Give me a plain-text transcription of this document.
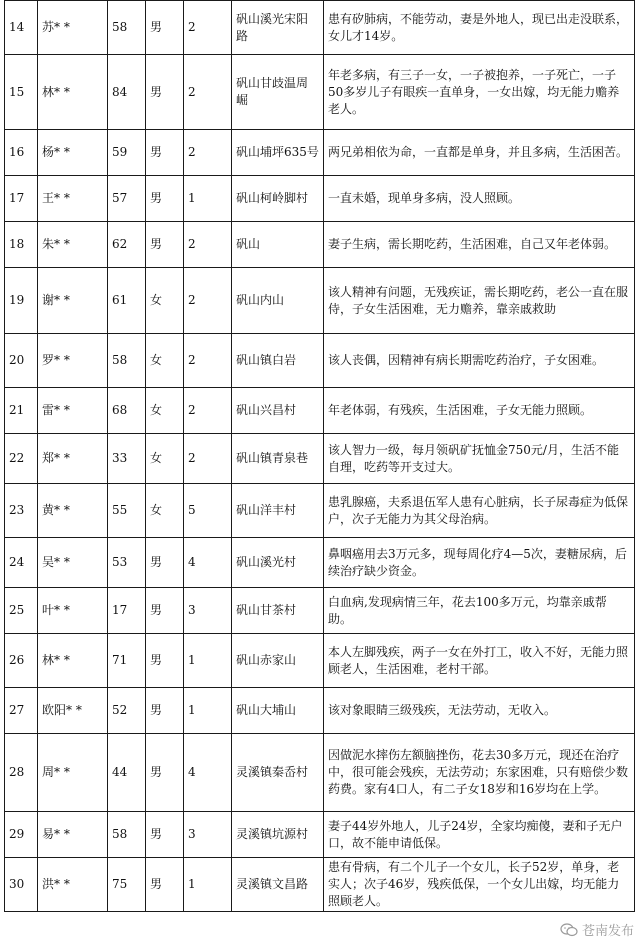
14	苏* *	58	男	2	矾山溪光宋阳路	患有矽肺病，不能劳动，妻是外地人，现已出走没联系，女儿才14岁。
15	林* *	84	男	2	矾山甘歧温周崛	年老多病，有三子一女，一子被抱养，一子死亡，一子50多岁儿子有眼疾一直单身，一女出嫁，均无能力赡养老人。
16	杨* *	59	男	2	矾山埔坪635号	两兄弟相依为命，一直都是单身，并且多病，生活困苦。
17	王* *	57	男	1	矾山柯岭脚村	一直未婚，现单身多病，没人照顾。
18	朱* *	62	男	2	矾山	妻子生病，需长期吃药，生活困难，自己又年老体弱。
19	谢* *	61	女	2	矾山内山	该人精神有问题，无残疾证，需长期吃药，老公一直在服侍，子女生活困难，无力赡养，靠亲戚救助
20	罗* *	58	女	2	矾山镇白岩	该人丧偶，因精神有病长期需吃药治疗，子女困难。
21	雷* *	68	女	2	矾山兴昌村	年老体弱，有残疾，生活困难，子女无能力照顾。
22	郑* *	33	女	2	矾山镇青泉巷	该人智力一级，每月领矾矿抚恤金750元/月，生活不能自理，吃药等开支过大。
23	黄* *	55	女	5	矾山洋丰村	患乳腺癌，夫系退伍军人患有心脏病，长子尿毒症为低保户，次子无能力为其父母治病。
24	吴* *	53	男	4	矾山溪光村	鼻咽癌用去3万元多，现每周化疗4—5次，妻糖尿病，后续治疗缺少资金。
25	叶* *	17	男	3	矾山甘茶村	白血病,发现病情三年，花去100多万元，均靠亲戚帮助。
26	林* *	71	男	1	矾山赤家山	本人左脚残疾，两子一女在外打工，收入不好，无能力照顾老人，生活困难，老村干部。
27	欧阳* *	52	男	1	矾山大埔山	该对象眼睛三级残疾，无法劳动，无收入。
28	周* *	44	男	4	灵溪镇秦岙村	因做泥水摔伤左额脑挫伤，花去30多万元，现还在治疗中，很可能会残疾，无法劳动；东家困难，只有赔偿少数药费。家有4口人，有二子女18岁和16岁均在上学。
29	易* *	58	男	3	灵溪镇坑源村	妻子44岁外地人，儿子24岁，全家均痴傻，妻和子无户口，故不能申请低保。
30	洪* *	75	男	1	灵溪镇文昌路	患有骨病，有二个儿子一个女儿，长子52岁，单身，老实人；次子46岁，残疾低保，一个女儿出嫁，均无能力照顾老人。
苍南发布
